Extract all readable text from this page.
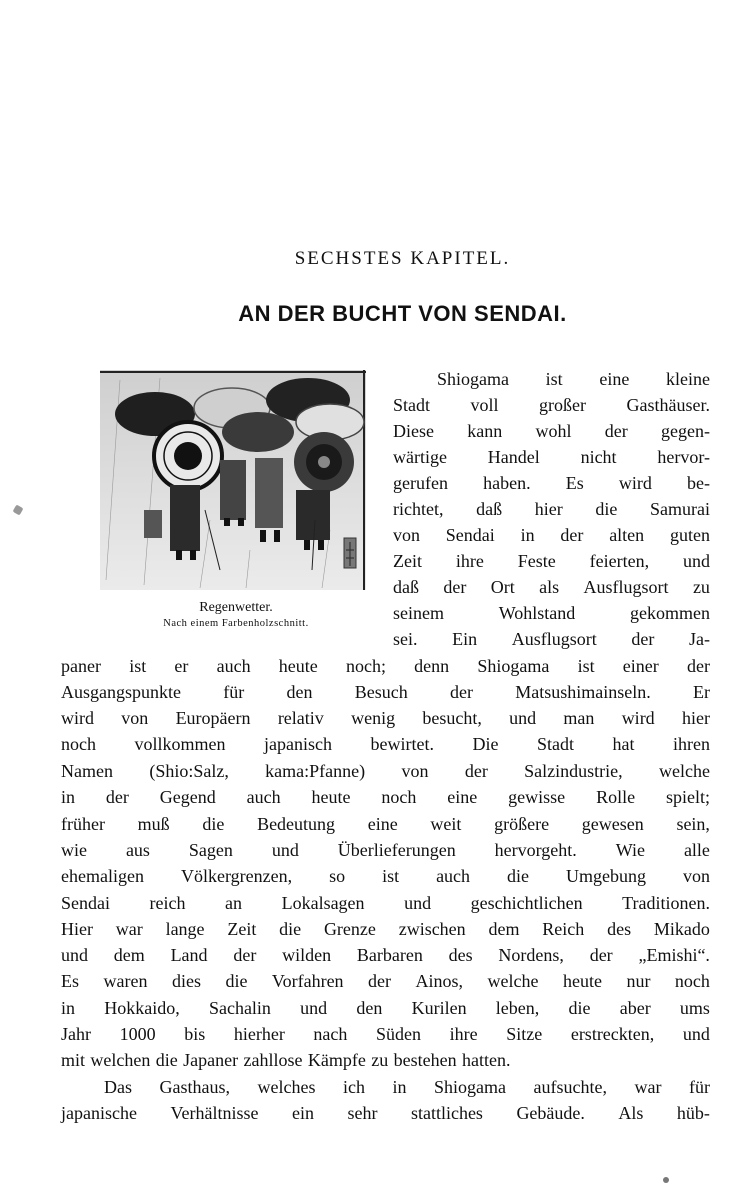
SECHSTES KAPITEL.
AN DER BUCHT VON SENDAI.
Regenwetter.
Nach einem Farbenholzschnitt.
Shiogama ist eine kleine
Stadt voll großer Gasthäuser.
Diese kann wohl der gegen-
wärtige Handel nicht hervor-
gerufen haben. Es wird be-
richtet, daß hier die Samurai
von Sendai in der alten guten
Zeit ihre Feste feierten, und
daß der Ort als Ausflugsort zu
seinem	Wohlstand	gekommen
sei. Ein Ausflugsort der Ja-
paner ist er auch heute noch; denn Shiogama ist einer der
Ausgangspunkte für den Besuch der Matsushimainseln. Er
wird von Europäern relativ wenig besucht, und man wird hier
noch vollkommen japanisch bewirtet. Die Stadt hat ihren
Namen (Shio:Salz, kama:Pfanne) von der Salzindustrie, welche
in der Gegend auch heute noch eine gewisse Rolle spielt;
früher muß die Bedeutung eine weit größere gewesen sein,
wie aus Sagen und Überlieferungen hervorgeht. Wie alle
ehemaligen Völkergrenzen, so ist auch die Umgebung von
Sendai reich an Lokalsagen und geschichtlichen Traditionen.
Hier war lange Zeit die Grenze zwischen dem Reich des Mikado
und dem Land der wilden Barbaren des Nordens, der „Emishi“.
Es waren dies die Vorfahren der Ainos, welche heute nur noch
in Hokkaido, Sachalin und den Kurilen leben, die aber ums
Jahr 1000 bis hierher nach Süden ihre Sitze erstreckten, und
mit welchen die Japaner zahllose Kämpfe zu bestehen hatten.
Das Gasthaus, welches ich in Shiogama aufsuchte, war für
japanische Verhältnisse ein sehr stattliches Gebäude. Als hüb-
